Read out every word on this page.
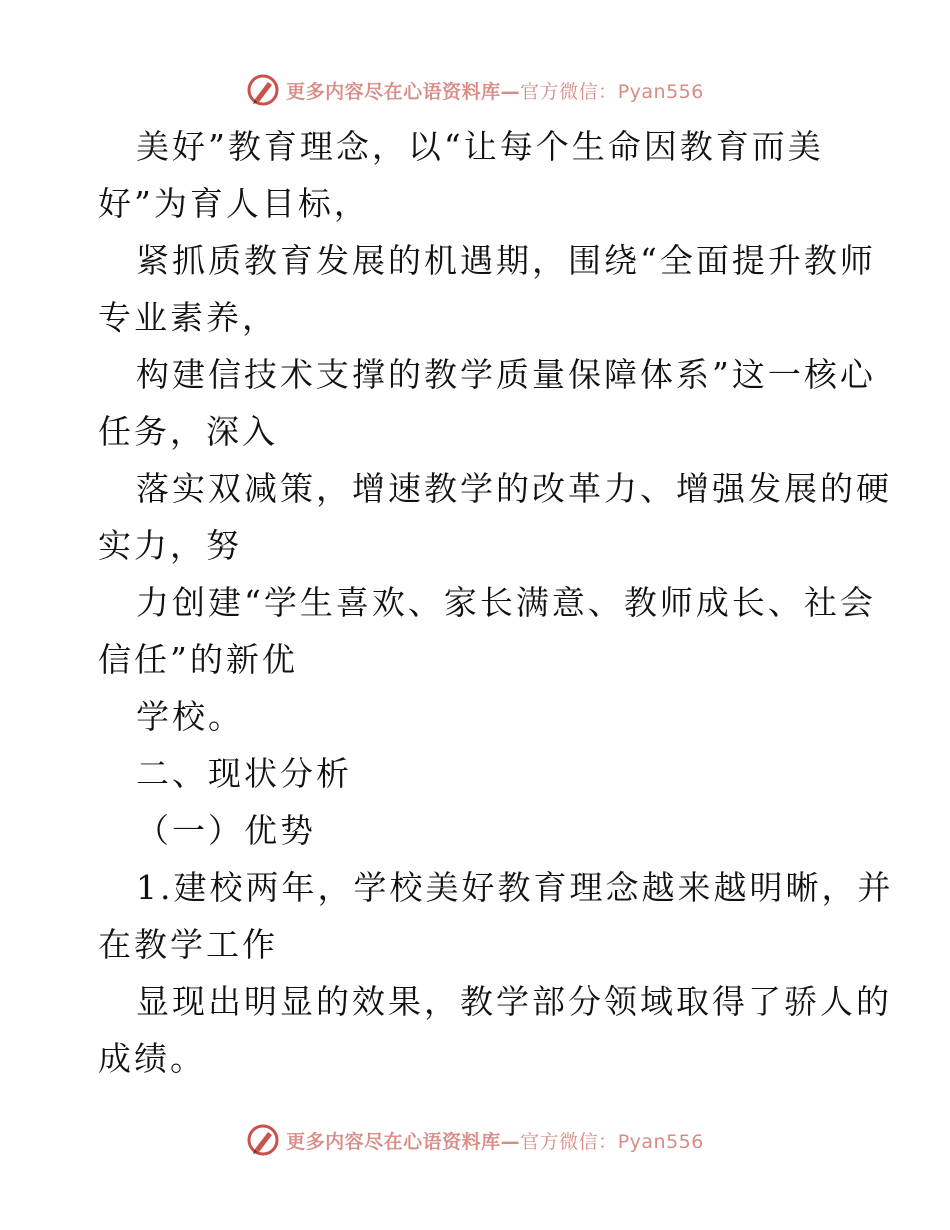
更多内容尽在心语资料库—官方微信：Pyan556
美好”教育理念，以“让每个生命因教育而美
好”为育人目标，
紧抓质教育发展的机遇期，围绕“全面提升教师
专业素养，
构建信技术支撑的教学质量保障体系”这一核心
任务，深入
落实双减策，增速教学的改革力、增强发展的硬
实力，努
力创建“学生喜欢、家长满意、教师成长、社会
信任”的新优
学校。
二、现状分析
（一）优势
1.建校两年，学校美好教育理念越来越明晰，并
在教学工作
显现出明显的效果，教学部分领域取得了骄人的
成绩。
更多内容尽在心语资料库—官方微信：Pyan556
